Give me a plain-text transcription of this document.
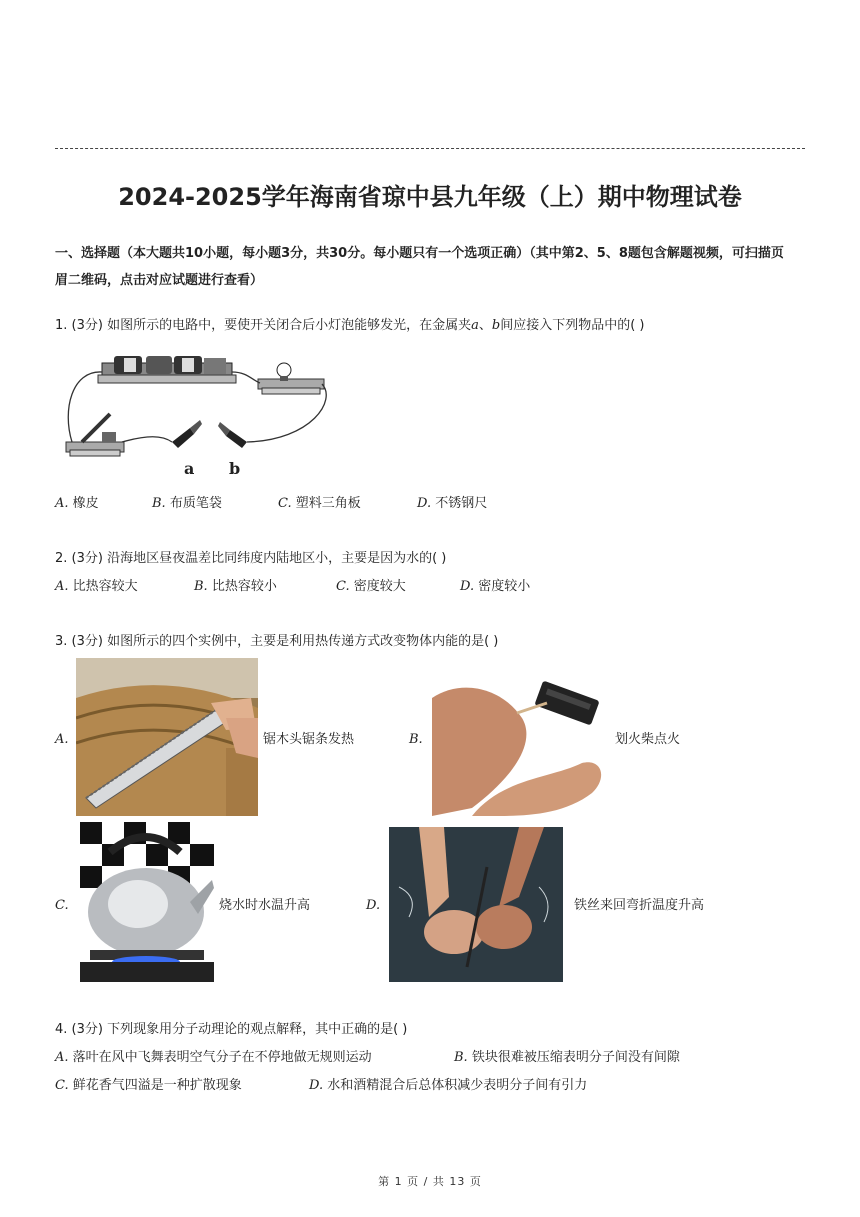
2024-2025学年海南省琼中县九年级（上）期中物理试卷
一、选择题（本大题共10小题，每小题3分，共30分。每小题只有一个选项正确）（其中第2、5、8题包含解题视频，可扫描页眉二维码，点击对应试题进行查看）
1. (3分) 如图所示的电路中，要使开关闭合后小灯泡能够发光，在金属夹a、b间应接入下列物品中的( )
a b
A. 橡皮	B. 布质笔袋	C. 塑料三角板	D. 不锈钢尺
2. (3分) 沿海地区昼夜温差比同纬度内陆地区小，主要是因为水的( )
A. 比热容较大	B. 比热容较小	C. 密度较大	D. 密度较小
3. (3分) 如图所示的四个实例中，主要是利用热传递方式改变物体内能的是( )
A.	锯木头锯条发热	B.	划火柴点火
C.	烧水时水温升高	D.	铁丝来回弯折温度升高
4. (3分) 下列现象用分子动理论的观点解释，其中正确的是( )
A. 落叶在风中飞舞表明空气分子在不停地做无规则运动	B. 铁块很难被压缩表明分子间没有间隙
C. 鲜花香气四溢是一种扩散现象	D. 水和酒精混合后总体积减少表明分子间有引力
第 1 页 / 共 13 页
